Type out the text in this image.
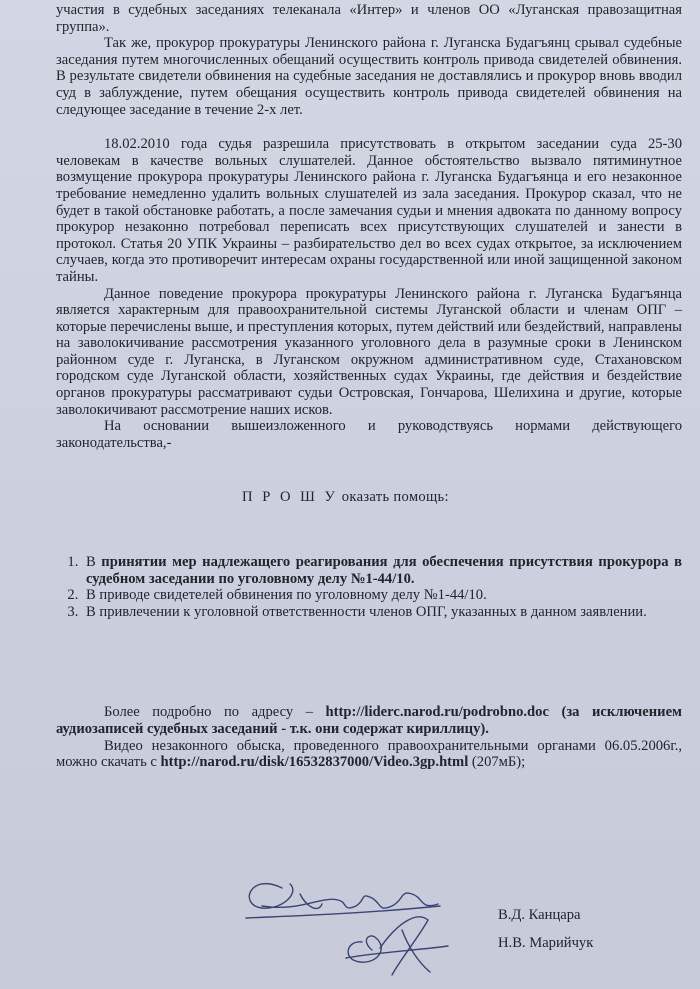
участия в судебных заседаниях телеканала «Интер» и членов ОО «Луганская правозащитная группа».

Так же, прокурор прокуратуры Ленинского района г. Луганска Будагъянц срывал судебные заседания путем многочисленных обещаний осуществить контроль привода свидетелей обвинения. В результате свидетели обвинения на судебные заседания не доставлялись и прокурор вновь вводил суд в заблуждение, путем обещания осуществить контроль привода свидетелей обвинения на следующее заседание в течение 2-х лет.

18.02.2010 года судья разрешила присутствовать в открытом заседании суда 25-30 человекам в качестве вольных слушателей. Данное обстоятельство вызвало пятиминутное возмущение прокурора прокуратуры Ленинского района г. Луганска Будагъянца и его незаконное требование немедленно удалить вольных слушателей из зала заседания. Прокурор сказал, что не будет в такой обстановке работать, а после замечания судьи и мнения адвоката по данному вопросу прокурор незаконно потребовал переписать всех присутствующих слушателей и занести в протокол. Статья 20 УПК Украины – разбирательство дел во всех судах открытое, за исключением случаев, когда это противоречит интересам охраны государственной или иной защищенной законом тайны.

Данное поведение прокурора прокуратуры Ленинского района г. Луганска Будагъянца является характерным для правоохранительной системы Луганской области и членам ОПГ – которые перечислены выше, и преступления которых, путем действий или бездействий, направлены на заволокичивание рассмотрения указанного уголовного дела в разумные сроки в Ленинском районном суде г. Луганска, в Луганском окружном административном суде, Стахановском городском суде Луганской области, хозяйственных судах Украины, где действия и бездействие органов прокуратуры рассматривают судьи Островская, Гончарова, Шелихина и другие, которые заволокичивают рассмотрение наших исков.

На основании вышеизложенного и руководствуясь нормами действующего законодательства,-

П Р О Ш У оказать помощь:

1. В принятии мер надлежащего реагирования для обеспечения присутствия прокурора в судебном заседании по уголовному делу №1-44/10.
2. В приводе свидетелей обвинения по уголовному делу №1-44/10.
3. В привлечении к уголовной ответственности членов ОПГ, указанных в данном заявлении.

Более подробно по адресу – http://liderc.narod.ru/podrobno.doc (за исключением аудиозаписей судебных заседаний - т.к. они содержат кириллицу).

Видео незаконного обыска, проведенного правоохранительными органами 06.05.2006г., можно скачать с http://narod.ru/disk/16532837000/Video.3gp.html (207мБ);

В.Д. Канцара
Н.В. Марийчук
